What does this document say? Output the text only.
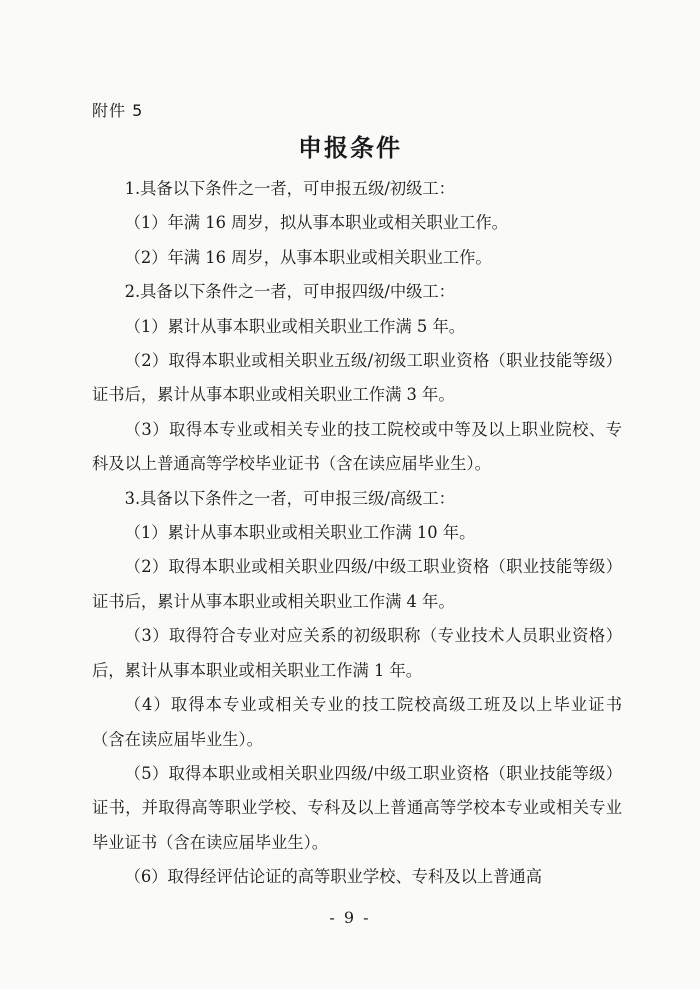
附件 5
申报条件

1.具备以下条件之一者，可申报五级/初级工：

（1）年满 16 周岁，拟从事本职业或相关职业工作。

（2）年满 16 周岁，从事本职业或相关职业工作。

2.具备以下条件之一者，可申报四级/中级工：

（1）累计从事本职业或相关职业工作满 5 年。

（2）取得本职业或相关职业五级/初级工职业资格（职业技能等级）证书后，累计从事本职业或相关职业工作满 3 年。

（3）取得本专业或相关专业的技工院校或中等及以上职业院校、专科及以上普通高等学校毕业证书（含在读应届毕业生）。

3.具备以下条件之一者，可申报三级/高级工：

（1）累计从事本职业或相关职业工作满 10 年。

（2）取得本职业或相关职业四级/中级工职业资格（职业技能等级）证书后，累计从事本职业或相关职业工作满 4 年。

（3）取得符合专业对应关系的初级职称（专业技术人员职业资格）后，累计从事本职业或相关职业工作满 1 年。

（4）取得本专业或相关专业的技工院校高级工班及以上毕业证书（含在读应届毕业生）。

（5）取得本职业或相关职业四级/中级工职业资格（职业技能等级）证书，并取得高等职业学校、专科及以上普通高等学校本专业或相关专业毕业证书（含在读应届毕业生）。

（6）取得经评估论证的高等职业学校、专科及以上普通高

- 9 -
